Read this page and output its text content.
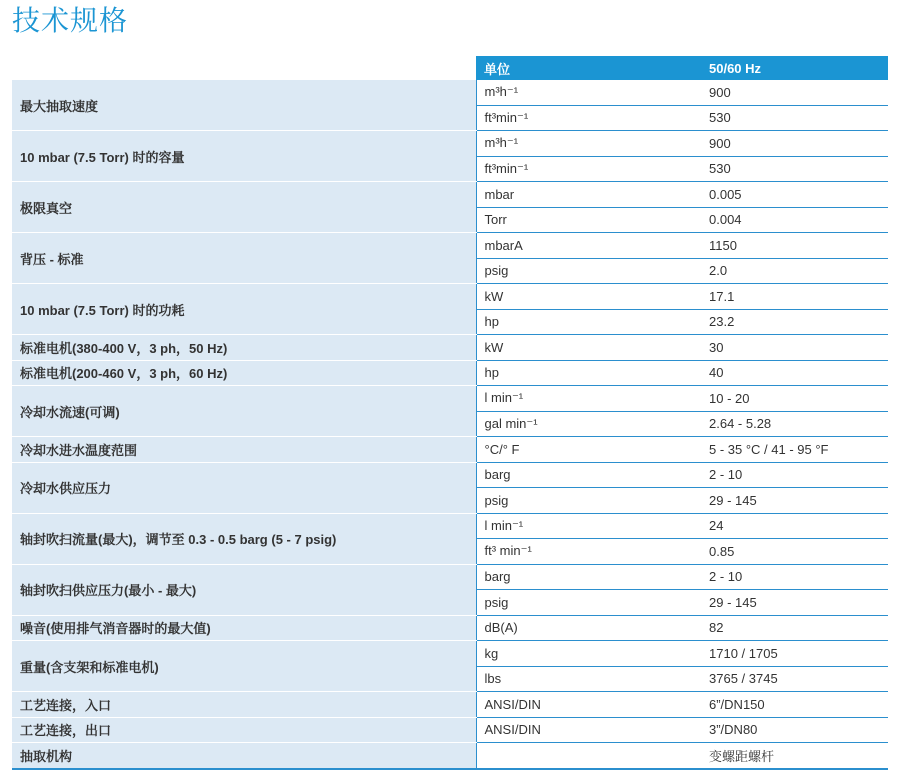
技术规格
	单位	50/60 Hz
最大抽取速度	m³h⁻¹	900
	ft³min⁻¹	530
10 mbar (7.5 Torr) 时的容量	m³h⁻¹	900
	ft³min⁻¹	530
极限真空	mbar	0.005
	Torr	0.004
背压 - 标准	mbarA	1150
	psig	2.0
10 mbar (7.5 Torr) 时的功耗	kW	17.1
	hp	23.2
标准电机(380-400 V，3 ph，50 Hz)	kW	30
标准电机(200-460 V，3 ph，60 Hz)	hp	40
冷却水流速(可调)	l min⁻¹	10 - 20
	gal min⁻¹	2.64 - 5.28
冷却水进水温度范围	°C/° F	5 - 35 °C / 41 - 95 °F
冷却水供应压力	barg	2 - 10
	psig	29 - 145
轴封吹扫流量(最大)，调节至 0.3 - 0.5 barg (5 - 7 psig)	l min⁻¹	24
	ft³ min⁻¹	0.85
轴封吹扫供应压力(最小 - 最大)	barg	2 - 10
	psig	29 - 145
噪音(使用排气消音器时的最大值)	dB(A)	82
重量(含支架和标准电机)	kg	1710 / 1705
	lbs	3765 / 3745
工艺连接，入口	ANSI/DIN	6”/DN150
工艺连接，出口	ANSI/DIN	3”/DN80
抽取机构		变螺距螺杆
